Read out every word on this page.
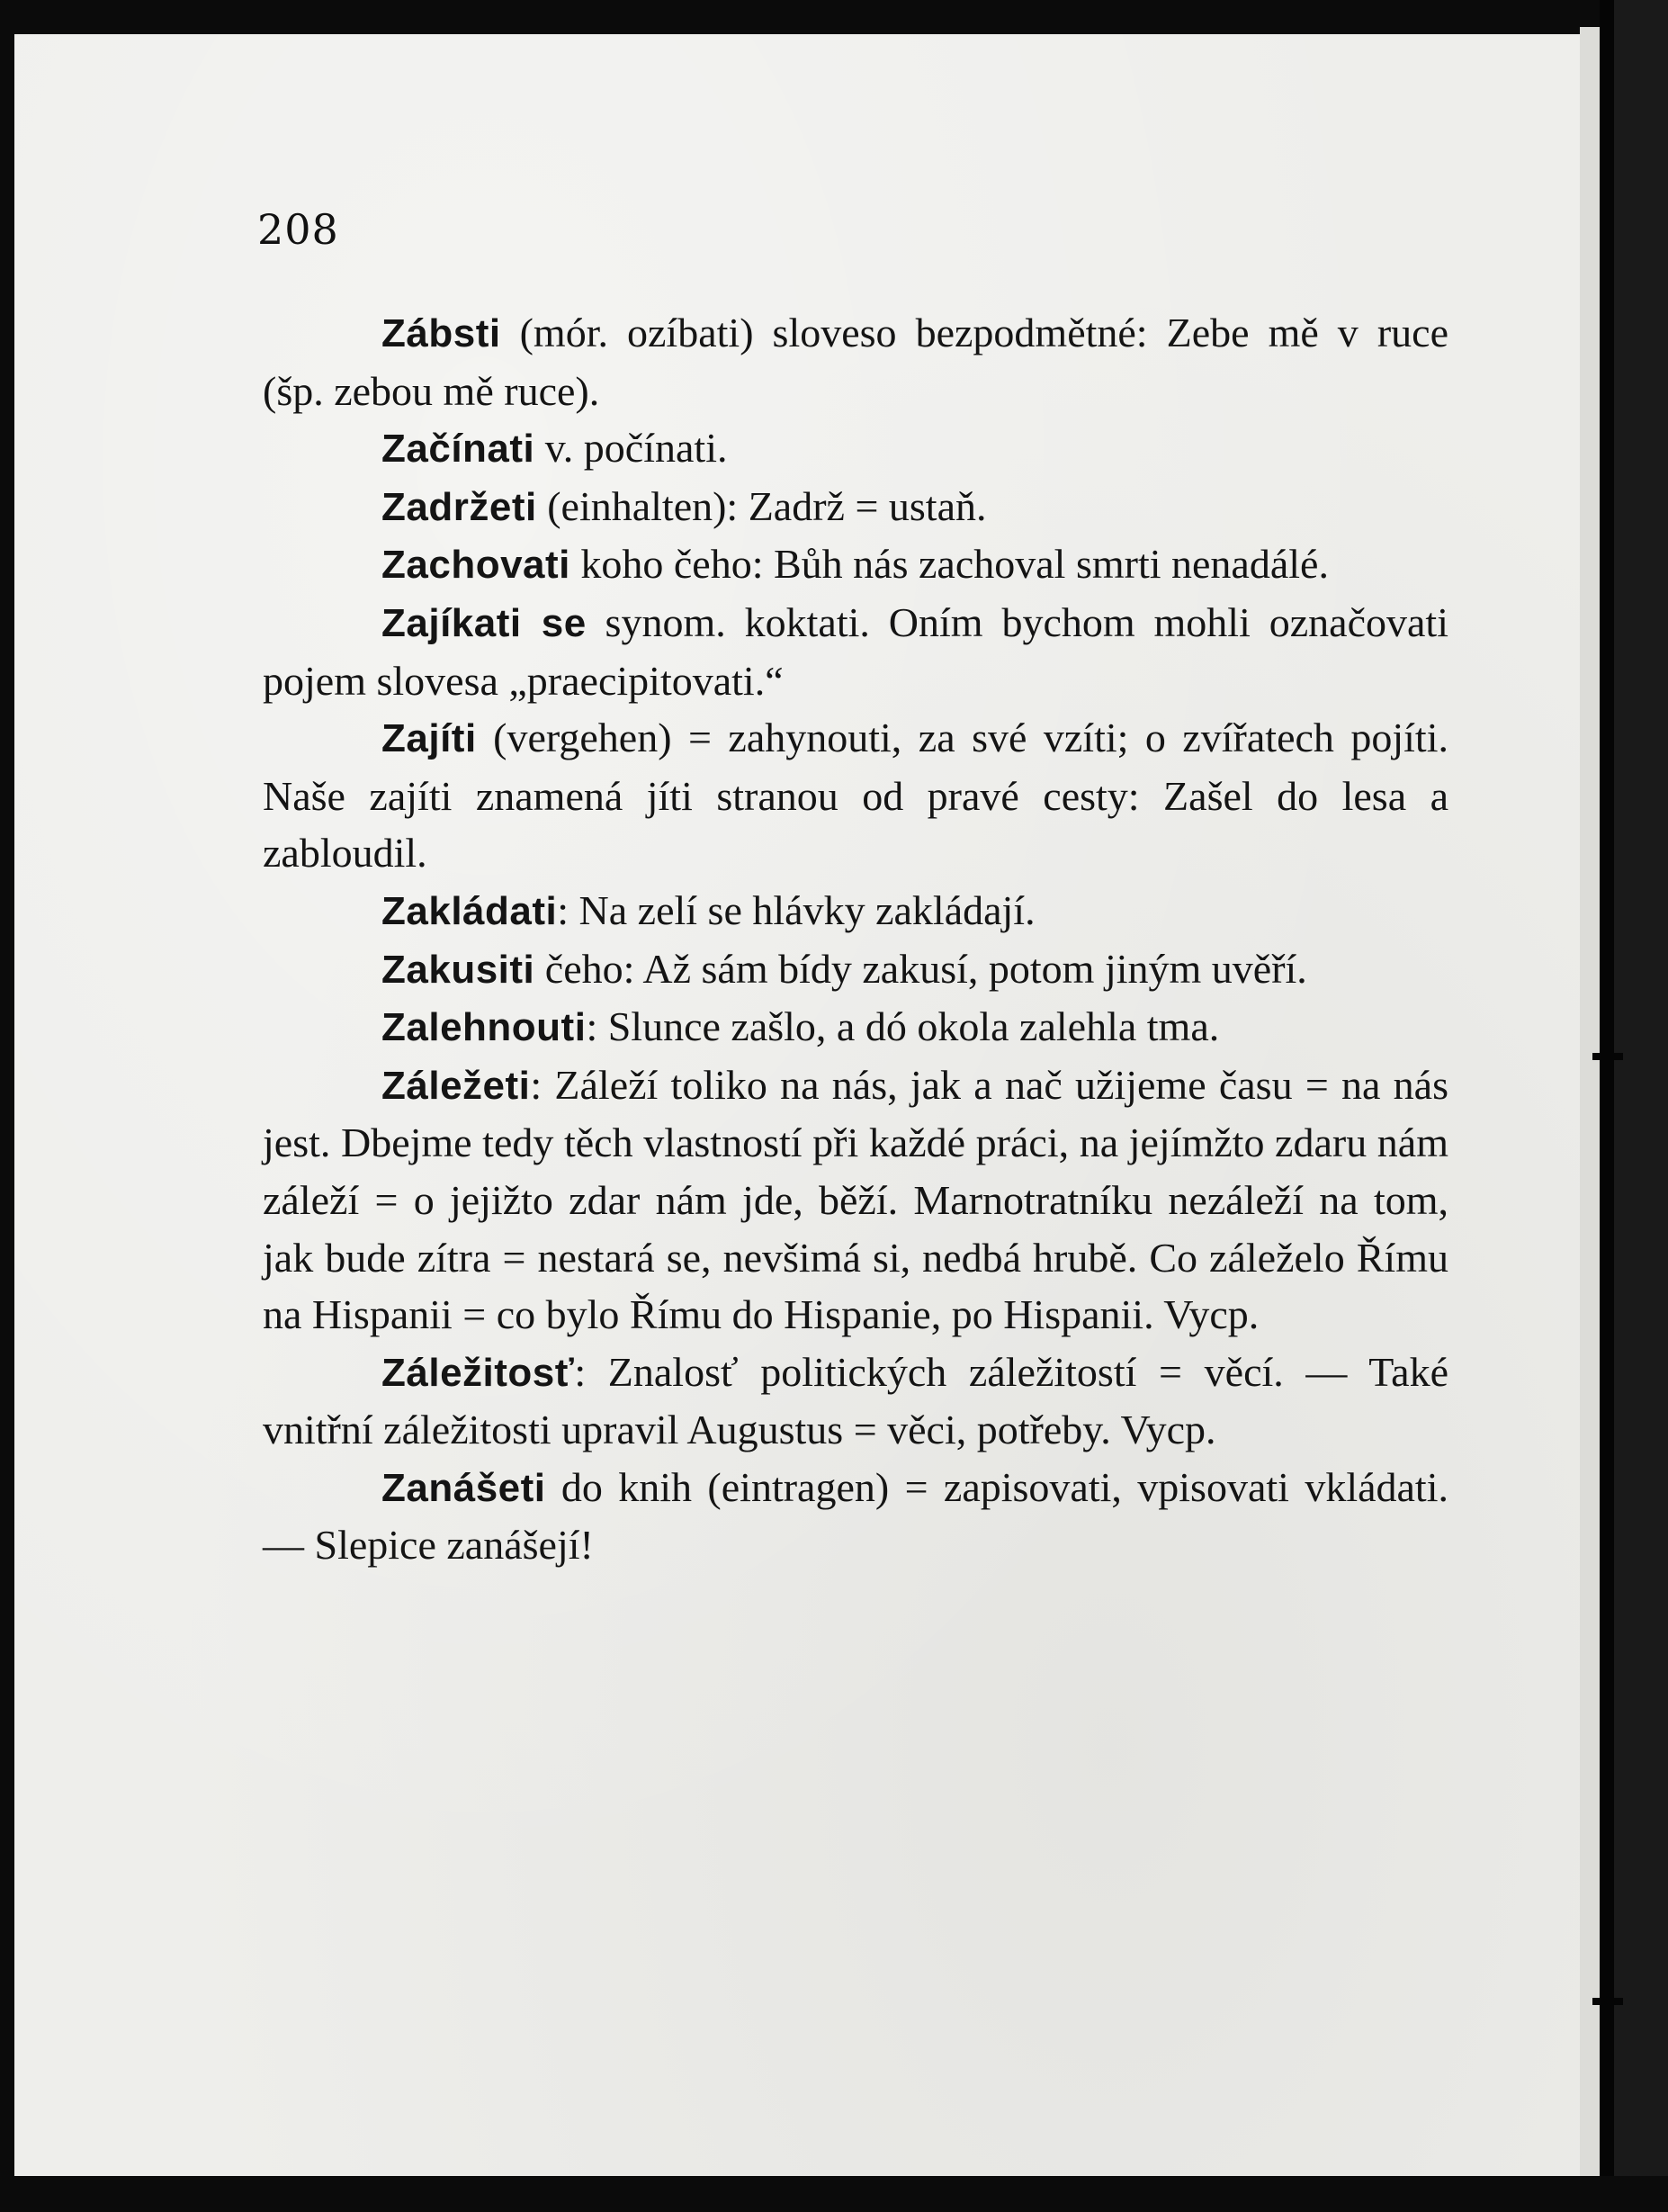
208

Zábsti (mór. ozíbati) sloveso bezpodmětné: Zebe mě v ruce (šp. zebou mě ruce).

Začínati v. počínati.

Zadržeti (einhalten): Zadrž = ustaň.

Zachovati koho čeho: Bůh nás zachoval smrti nenadálé.

Zajíkati se synom. koktati. Oním bychom mohli označovati pojem slovesa „praecipitovati.“

Zajíti (vergehen) = zahynouti, za své vzíti; o zvířatech pojíti. Naše zajíti znamená jíti stranou od pravé cesty: Zašel do lesa a zabloudil.

Zakládati: Na zelí se hlávky zakládají.

Zakusiti čeho: Až sám bídy zakusí, potom jiným uvěří.

Zalehnouti: Slunce zašlo, a dó okola zalehla tma.

Záležeti: Záleží toliko na nás, jak a nač užijeme času = na nás jest. Dbejme tedy těch vlastností při každé práci, na jejímžto zdaru nám záleží = o jejižto zdar nám jde, běží. Marnotratníku nezáleží na tom, jak bude zítra = nestará se, nevšimá si, nedbá hrubě. Co záleželo Římu na Hispanii = co bylo Římu do Hispanie, po Hispanii. Vycp.

Záležitosť: Znalosť politických záležitostí = věcí. — Také vnitřní záležitosti upravil Augustus = věci, potřeby. Vycp.

Zanášeti do knih (eintragen) = zapisovati, vpisovati vkládati. — Slepice zanášejí!
